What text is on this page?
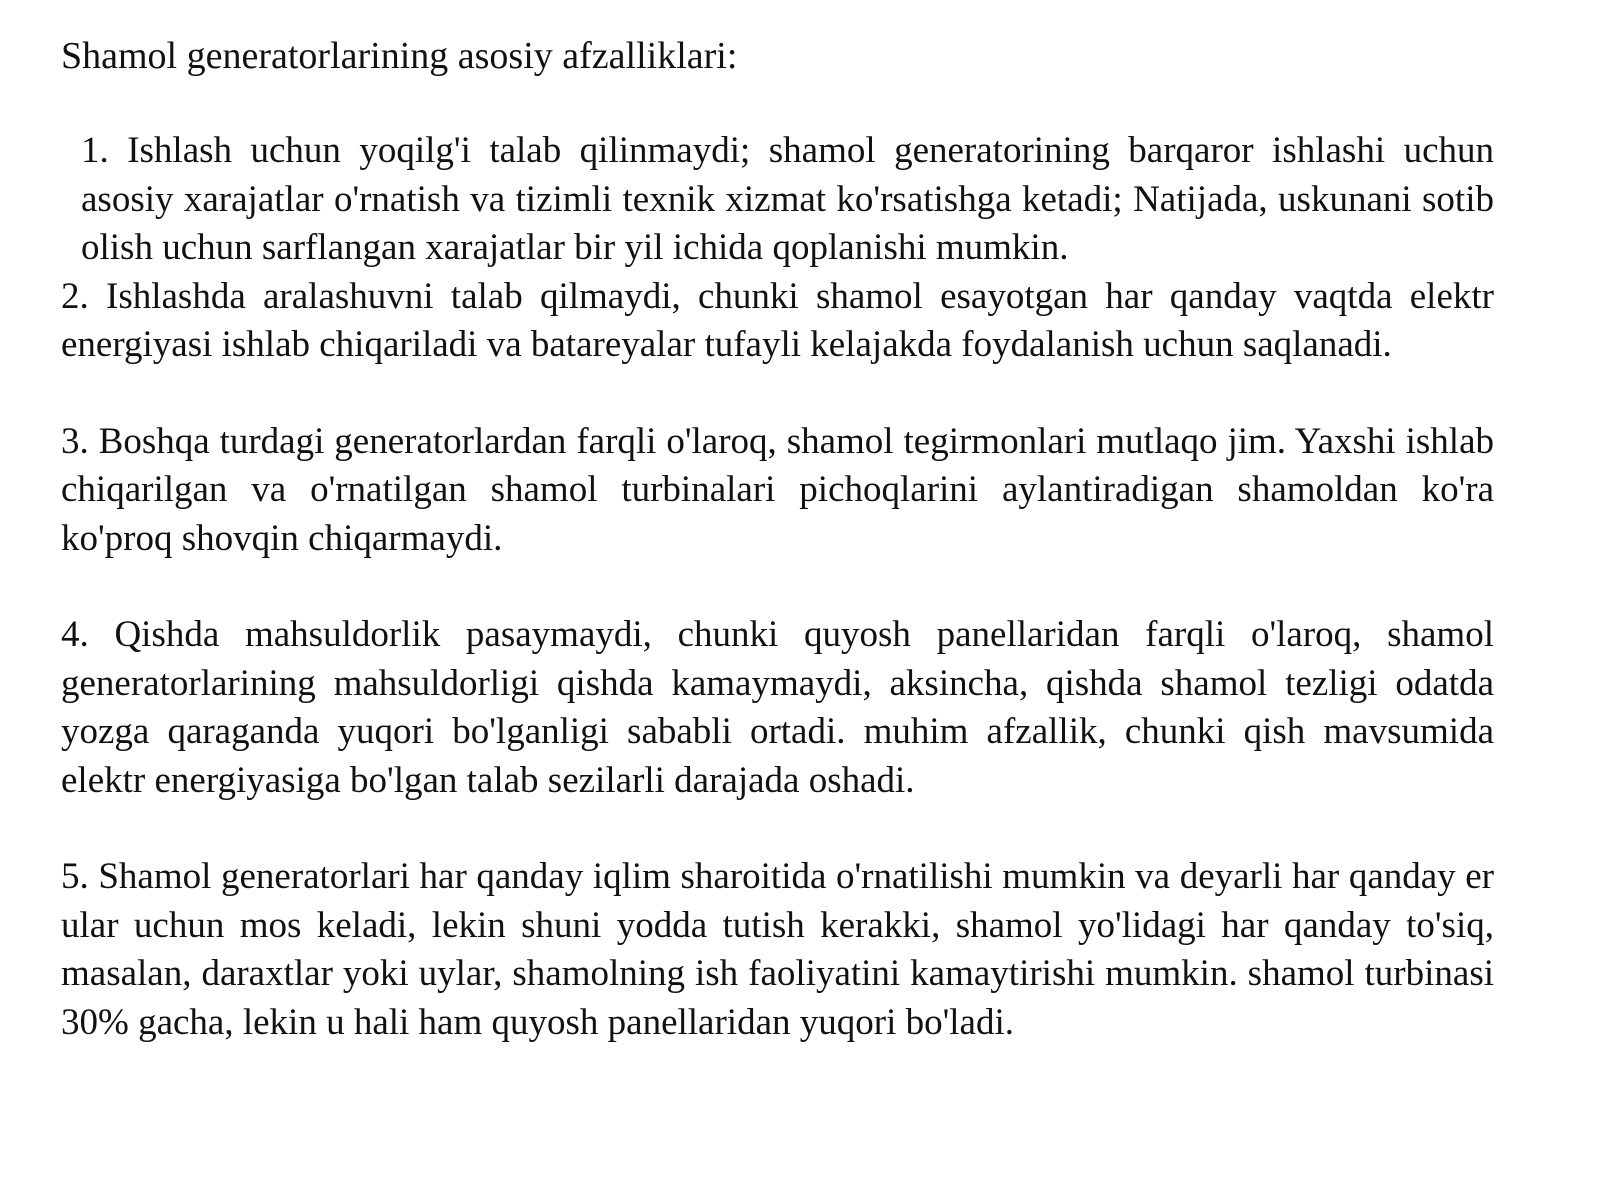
Shamol generatorlarining asosiy afzalliklari:

1. Ishlash uchun yoqilg'i talab qilinmaydi; shamol generatorining barqaror ishlashi uchun asosiy xarajatlar o'rnatish va tizimli texnik xizmat ko'rsatishga ketadi; Natijada, uskunani sotib olish uchun sarflangan xarajatlar bir yil ichida qoplanishi mumkin.

2. Ishlashda aralashuvni talab qilmaydi, chunki shamol esayotgan har qanday vaqtda elektr energiyasi ishlab chiqariladi va batareyalar tufayli kelajakda foydalanish uchun saqlanadi.

3. Boshqa turdagi generatorlardan farqli o'laroq, shamol tegirmonlari mutlaqo jim. Yaxshi ishlab chiqarilgan va o'rnatilgan shamol turbinalari pichoqlarini aylantiradigan shamoldan ko'ra ko'proq shovqin chiqarmaydi.

4. Qishda mahsuldorlik pasaymaydi, chunki quyosh panellaridan farqli o'laroq, shamol generatorlarining mahsuldorligi qishda kamaymaydi, aksincha, qishda shamol tezligi odatda yozga qaraganda yuqori bo'lganligi sababli ortadi. muhim afzallik, chunki qish mavsumida elektr energiyasiga bo'lgan talab sezilarli darajada oshadi.

5. Shamol generatorlari har qanday iqlim sharoitida o'rnatilishi mumkin va deyarli har qanday er ular uchun mos keladi, lekin shuni yodda tutish kerakki, shamol yo'lidagi har qanday to'siq, masalan, daraxtlar yoki uylar, shamolning ish faoliyatini kamaytirishi mumkin. shamol turbinasi 30% gacha, lekin u hali ham quyosh panellaridan yuqori bo'ladi.
